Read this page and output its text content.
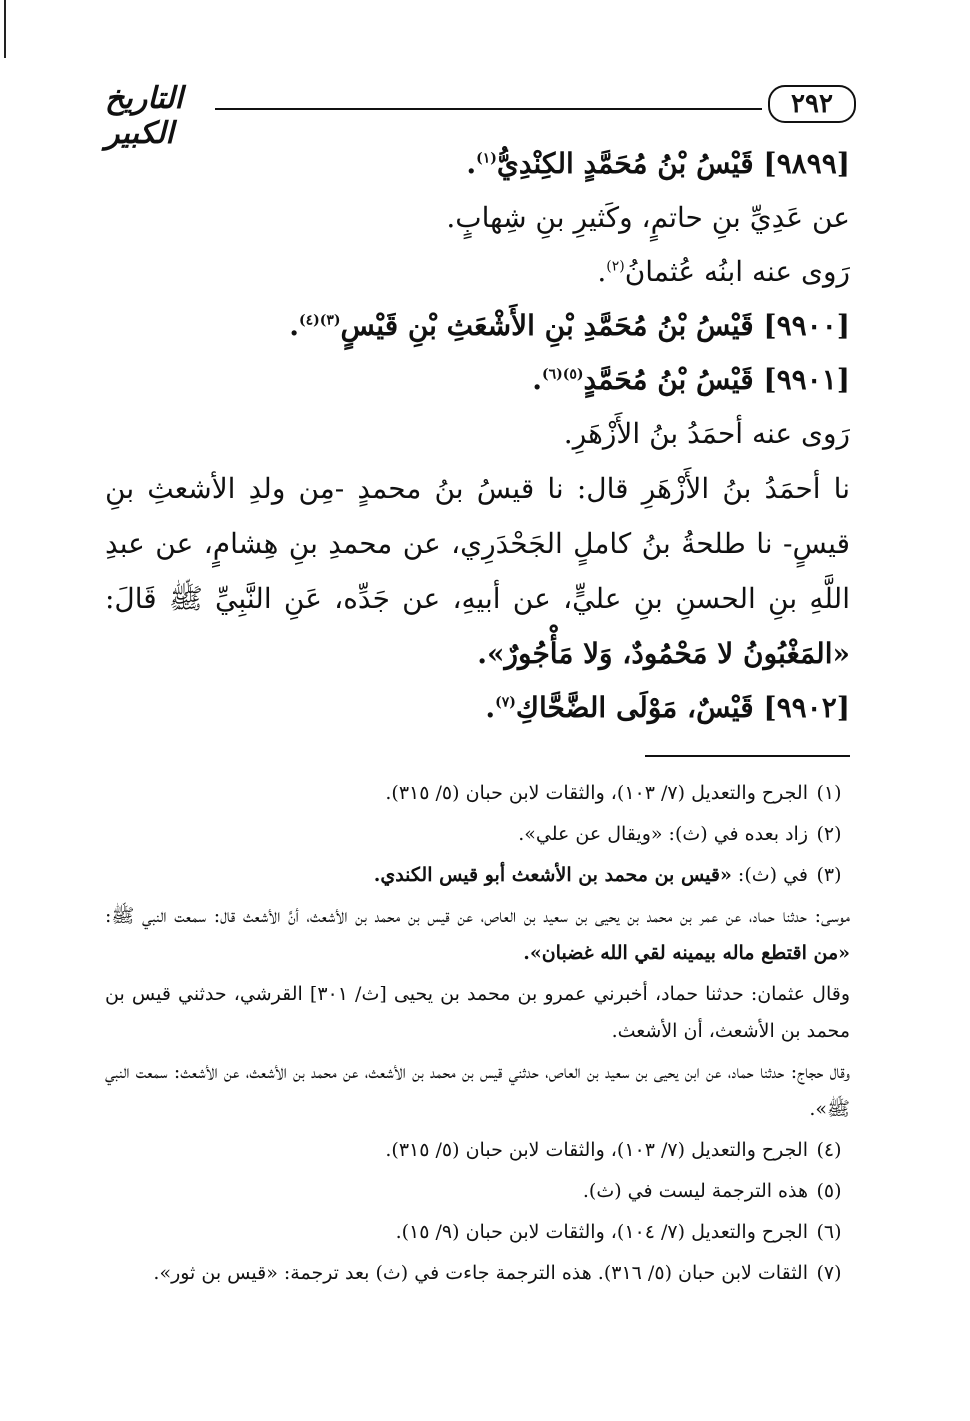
٢٩٢
التاريخ الكبير
[٩٨٩٩] قَيْسُ بْنُ مُحَمَّدٍ الكِنْدِيُّ$^{(١)}$.
عن عَدِيِّ بنِ حاتمٍ، وكَثيرِ بنِ شِهابٍ.
رَوى عنه ابنُه عُثمانُ$^{(٢)}$.
[٩٩٠٠] قَيْسُ بْنُ مُحَمَّدِ بْنِ الأَشْعَثِ بْنِ قَيْسٍ$^{(٣)(٤)}$.
[٩٩٠١] قَيْسُ بْنُ مُحَمَّدٍ$^{(٥)(٦)}$.
رَوى عنه أحمَدُ بنُ الأَزْهَرِ.
نا أحمَدُ بنُ الأَزْهَرِ قال: نا قيسُ بنُ محمدٍ -مِن ولدِ الأشعثِ بنِ قيسٍ- نا طلحةُ بنُ كاملٍ الجَحْدَرِي، عن محمدِ بنِ هِشامٍ، عن عبدِ اللَّهِ بنِ الحسنِ بنِ عليٍّ، عن أبيهِ، عن جَدِّه، عَنِ النَّبِيِّ ﷺ قَالَ: «المَغْبُونُ لا مَحْمُودٌ، وَلا مَأْجُورٌ».
[٩٩٠٢] قَيْسٌ، مَوْلَى الضَّحَّاكِ$^{(٧)}$.
(١)
الجرح والتعديل (٧/ ١٠٣)، والثقات لابن حبان (٥/ ٣١٥).
(٢)
زاد بعده في (ث): «ويقال عن علي».
(٣)
في (ث): «قيس بن محمد بن الأشعث أبو قيس الكندي.
موسى: حدثنا حماد، عن عمر بن محمد بن يحيى بن سعيد بن العاص، عن قيس بن محمد بن الأشعث، أنَّ الأشعث قال: سمعت النبي ﷺ: «من اقتطع ماله بيمينه لقي الله غضبان».
وقال عثمان: حدثنا حماد، أخبرني عمرو بن محمد بن يحيى [ث/ ٣٠١] القرشي، حدثني قيس بن محمد بن الأشعث، أن الأشعث.
وقال حجاج: حدثنا حماد، عن ابن يحيى بن سعيد بن العاص، حدثني قيس بن محمد بن الأشعث، عن محمد بن الأشعث، عن الأشعث: سمعت النبي ﷺ».
(٤)
الجرح والتعديل (٧/ ١٠٣)، والثقات لابن حبان (٥/ ٣١٥).
(٥)
هذه الترجمة ليست في (ث).
(٦)
الجرح والتعديل (٧/ ١٠٤)، والثقات لابن حبان (٩/ ١٥).
(٧)
الثقات لابن حبان (٥/ ٣١٦). هذه الترجمة جاءت في (ث) بعد ترجمة: «قيس بن ثور».
